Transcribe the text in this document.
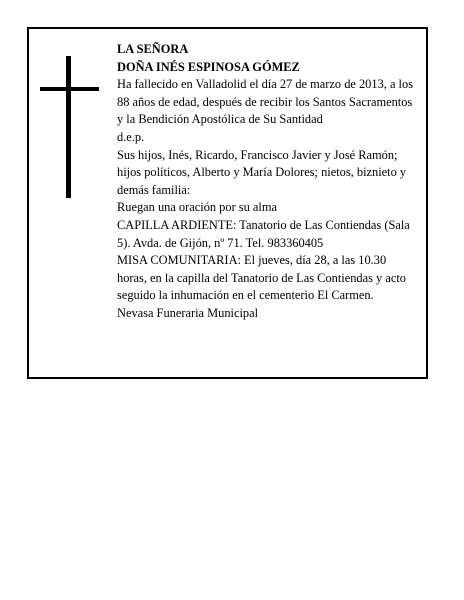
LA SEÑORA

DOÑA INÉS ESPINOSA GÓMEZ

Ha fallecido en Valladolid el día 27 de marzo de 2013, a los 88 años de edad, después de recibir los Santos Sacramentos y la Bendición Apostólica de Su Santidad

d.e.p.

Sus hijos, Inés, Ricardo, Francisco Javier y José Ramón; hijos políticos, Alberto y María Dolores; nietos, biznieto y demás familia:

Ruegan una oración por su alma

CAPILLA ARDIENTE: Tanatorio de Las Contiendas (Sala 5). Avda. de Gijón, nº 71. Tel. 983360405

MISA COMUNITARIA: El jueves, día 28, a las 10.30 horas, en la capilla del Tanatorio de Las Contiendas y acto seguido la inhumación en el cementerio El Carmen.

Nevasa Funeraria Municipal
